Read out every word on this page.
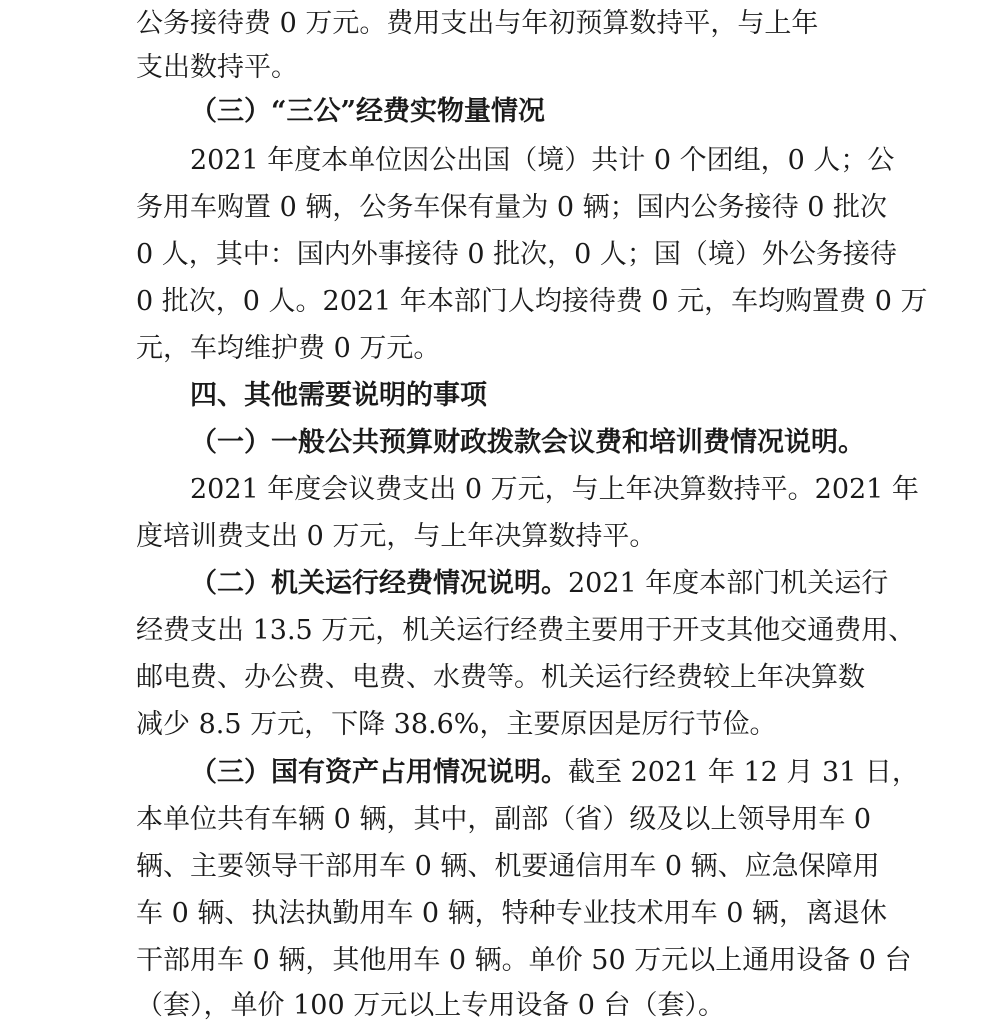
公务接待费 0 万元。费用支出与年初预算数持平，与上年
支出数持平。
（三）“三公”经费实物量情况
2021 年度本单位因公出国（境）共计 0 个团组，0 人；公
务用车购置 0 辆，公务车保有量为 0 辆；国内公务接待 0 批次
0 人，其中：国内外事接待 0 批次，0 人；国（境）外公务接待
0 批次，0 人。2021 年本部门人均接待费 0 元，车均购置费 0 万
元，车均维护费 0 万元。
四、其他需要说明的事项
（一）一般公共预算财政拨款会议费和培训费情况说明。
2021 年度会议费支出 0 万元，与上年决算数持平。2021 年
度培训费支出 0 万元，与上年决算数持平。
（二）机关运行经费情况说明。2021 年度本部门机关运行
经费支出 13.5 万元，机关运行经费主要用于开支其他交通费用、
邮电费、办公费、电费、水费等。机关运行经费较上年决算数
减少 8.5 万元，下降 38.6%，主要原因是厉行节俭。
（三）国有资产占用情况说明。截至 2021 年 12 月 31 日，
本单位共有车辆 0 辆，其中，副部（省）级及以上领导用车 0
辆、主要领导干部用车 0 辆、机要通信用车 0 辆、应急保障用
车 0 辆、执法执勤用车 0 辆，特种专业技术用车 0 辆，离退休
干部用车 0 辆，其他用车 0 辆。单价 50 万元以上通用设备 0 台
（套），单价 100 万元以上专用设备 0 台（套）。
